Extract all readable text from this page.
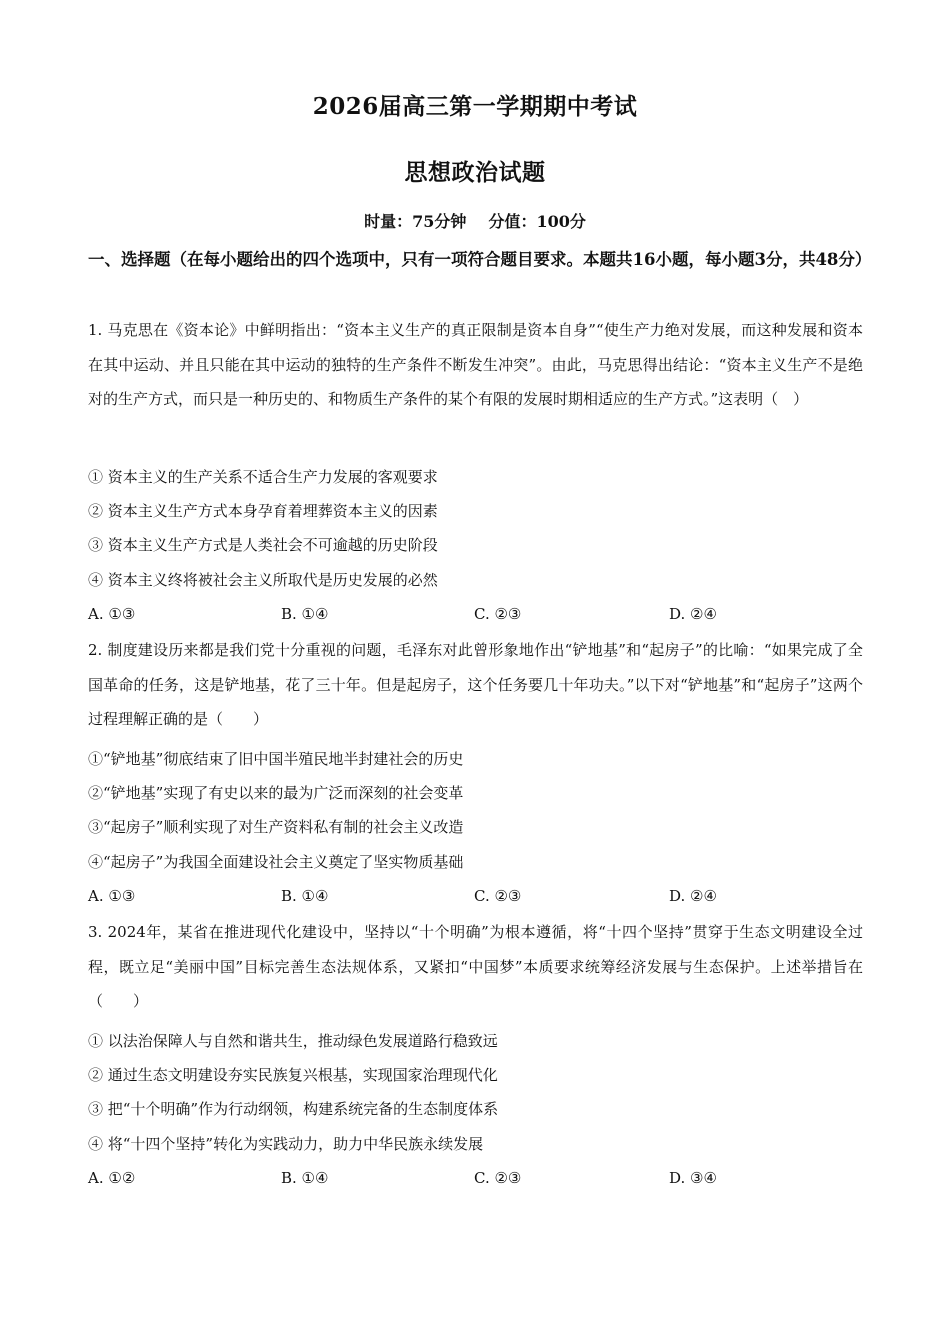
2026届高三第一学期期中考试
思想政治试题
时量：75分钟 分值：100分
一、选择题（在每小题给出的四个选项中，只有一项符合题目要求。本题共16小题，每小题3分，共48分）
1. 马克思在《资本论》中鲜明指出：“资本主义生产的真正限制是资本自身”“使生产力绝对发展，而这种发展和资本在其中运动、并且只能在其中运动的独特的生产条件不断发生冲突”。由此，马克思得出结论：“资本主义生产不是绝对的生产方式，而只是一种历史的、和物质生产条件的某个有限的发展时期相适应的生产方式。”这表明（　）
① 资本主义的生产关系不适合生产力发展的客观要求
② 资本主义生产方式本身孕育着埋葬资本主义的因素
③ 资本主义生产方式是人类社会不可逾越的历史阶段
④ 资本主义终将被社会主义所取代是历史发展的必然
A. ①③	B. ①④	C. ②③	D. ②④
2. 制度建设历来都是我们党十分重视的问题，毛泽东对此曾形象地作出“铲地基”和“起房子”的比喻：“如果完成了全国革命的任务，这是铲地基，花了三十年。但是起房子，这个任务要几十年功夫。”以下对“铲地基”和“起房子”这两个过程理解正确的是（　　）
①“铲地基”彻底结束了旧中国半殖民地半封建社会的历史
②“铲地基”实现了有史以来的最为广泛而深刻的社会变革
③“起房子”顺利实现了对生产资料私有制的社会主义改造
④“起房子”为我国全面建设社会主义奠定了坚实物质基础
A. ①③	B. ①④	C. ②③	D. ②④
3. 2024年，某省在推进现代化建设中，坚持以“十个明确”为根本遵循，将“十四个坚持”贯穿于生态文明建设全过程，既立足“美丽中国”目标完善生态法规体系，又紧扣“中国梦”本质要求统筹经济发展与生态保护。上述举措旨在（　　）
① 以法治保障人与自然和谐共生，推动绿色发展道路行稳致远
② 通过生态文明建设夯实民族复兴根基，实现国家治理现代化
③ 把“十个明确”作为行动纲领，构建系统完备的生态制度体系
④ 将“十四个坚持”转化为实践动力，助力中华民族永续发展
A. ①②	B. ①④	C. ②③	D. ③④
